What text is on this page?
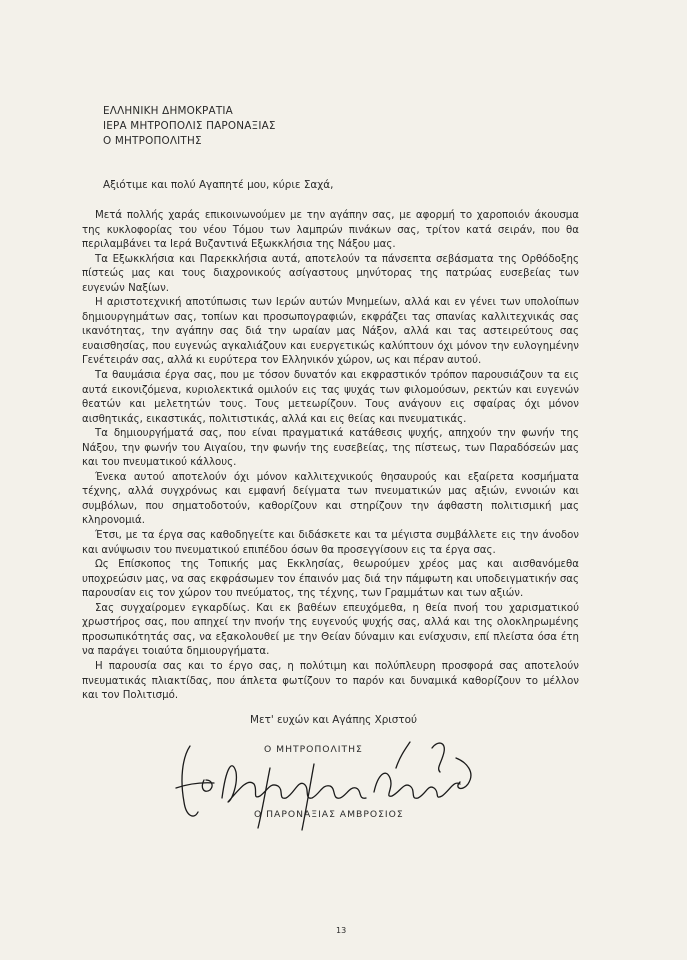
ΕΛΛΗΝΙΚΗ ΔΗΜΟΚΡΑΤΙΑ
ΙΕΡΑ ΜΗΤΡΟΠΟΛΙΣ ΠΑΡΟΝΑΞΙΑΣ
Ο ΜΗΤΡΟΠΟΛΙΤΗΣ
Αξιότιμε και πολύ Αγαπητέ μου, κύριε Σαχά,

Μετά πολλής χαράς επικοινωνούμεν με την αγάπην σας, με αφορμή το χαροποιόν άκουσμα της κυκλοφορίας του νέου Τόμου των λαμπρών πινάκων σας, τρίτον κατά σειράν, που θα περιλαμβάνει τα Ιερά Βυζαντινά Εξωκκλήσια της Νάξου μας.

Τα Εξωκκλήσια και Παρεκκλήσια αυτά, αποτελούν τα πάνσεπτα σεβάσματα της Ορθόδοξης πίστεώς μας και τους διαχρονικούς ασίγαστους μηνύτορας της πατρώας ευσεβείας των ευγενών Ναξίων.

Η αριστοτεχνική αποτύπωσις των Ιερών αυτών Μνημείων, αλλά και εν γένει των υπολοίπων δημιουργημάτων σας, τοπίων και προσωπογραφιών, εκφράζει τας σπανίας καλλιτεχνικάς σας ικανότητας, την αγάπην σας διά την ωραίαν μας Νάξον, αλλά και τας αστειρεύτους σας ευαισθησίας, που ευγενώς αγκαλιάζουν και ευεργετικώς καλύπτουν όχι μόνον την ευλογημένην Γενέτειράν σας, αλλά κι ευρύτερα τον Ελληνικόν χώρον, ως και πέραν αυτού.

Τα θαυμάσια έργα σας, που με τόσον δυνατόν και εκφραστικόν τρόπον παρουσιάζουν τα εις αυτά εικονιζόμενα, κυριολεκτικά ομιλούν εις τας ψυχάς των φιλομούσων, ρεκτών και ευγενών θεατών και μελετητών τους. Τους μετεωρίζουν. Τους ανάγουν εις σφαίρας όχι μόνον αισθητικάς, εικαστικάς, πολιτιστικάς, αλλά και εις θείας και πνευματικάς.

Τα δημιουργήματά σας, που είναι πραγματικά κατάθεσις ψυχής, απηχούν την φωνήν της Νάξου, την φωνήν του Αιγαίου, την φωνήν της ευσεβείας, της πίστεως, των Παραδόσεών μας και του πνευματικού κάλλους.

Ένεκα αυτού αποτελούν όχι μόνον καλλιτεχνικούς θησαυρούς και εξαίρετα κοσμήματα τέχνης, αλλά συγχρόνως και εμφανή δείγματα των πνευματικών μας αξιών, εννοιών και συμβόλων, που σηματοδοτούν, καθορίζουν και στηρίζουν την άφθαστη πολιτισμική μας κληρονομιά.

Έτσι, με τα έργα σας καθοδηγείτε και διδάσκετε και τα μέγιστα συμβάλλετε εις την άνοδον και ανύψωσιν του πνευματικού επιπέδου όσων θα προσεγγίσουν εις τα έργα σας.

Ως Επίσκοπος της Τοπικής μας Εκκλησίας, θεωρούμεν χρέος μας και αισθανόμεθα υποχρεώσιν μας, να σας εκφράσωμεν τον έπαινόν μας διά την πάμφωτη και υποδειγματικήν σας παρουσίαν εις τον χώρον του πνεύματος, της τέχνης, των Γραμμάτων και των αξιών.

Σας συγχαίρομεν εγκαρδίως. Και εκ βαθέων επευχόμεθα, η θεία πνοή του χαρισματικού χρωστήρος σας, που απηχεί την πνοήν της ευγενούς ψυχής σας, αλλά και της ολοκληρωμένης προσωπικότητάς σας, να εξακολουθεί με την Θείαν δύναμιν και ενίσχυσιν, επί πλείστα όσα έτη να παράγει τοιαύτα δημιουργήματα.

Η παρουσία σας και το έργο σας, η πολύτιμη και πολύπλευρη προσφορά σας αποτελούν πνευματικάς πλιακτίδας, που άπλετα φωτίζουν το παρόν και δυναμικά καθορίζουν το μέλλον και τον Πολιτισμό.

Μετ' ευχών και Αγάπης Χριστού
Ο ΜΗΤΡΟΠΟΛΙΤΗΣ
Ο ΠΑΡΟΝΑΞΙΑΣ ΑΜΒΡΟΣΙΟΣ
13
